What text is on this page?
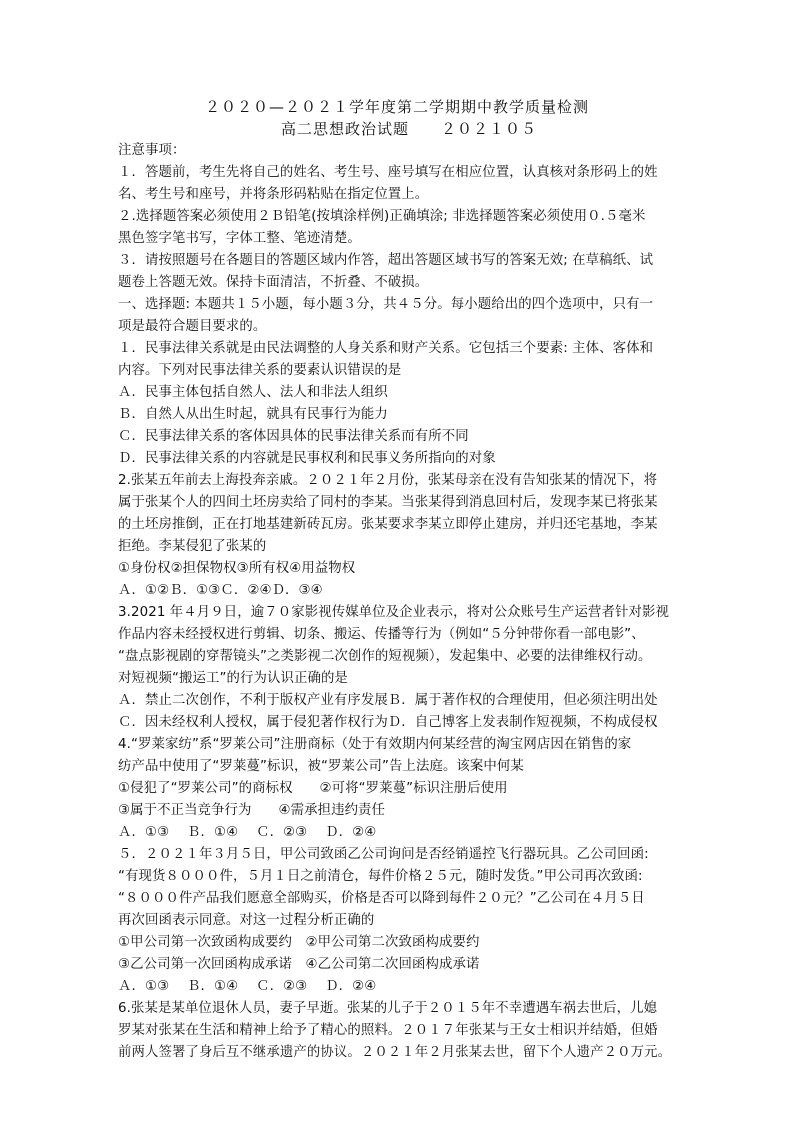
２０２０—２０２１学年度第二学期期中教学质量检测
高二思想政治试题　　２０２１０５
注意事项：
１．答题前，考生先将自己的姓名、考生号、座号填写在相应位置，认真核对条形码上的姓
名、考生号和座号，并将条形码粘贴在指定位置上。
２.选择题答案必须使用２Ｂ铅笔(按填涂样例)正确填涂; 非选择题答案必须使用０.５毫米
黑色签字笔书写，字体工整、笔迹清楚。
３．请按照题号在各题目的答题区域内作答，超出答题区域书写的答案无效; 在草稿纸、试
题卷上答题无效。保持卡面清洁，不折叠、不破损。
一、选择题: 本题共１５小题，每小题３分，共４５分。每小题给出的四个选项中，只有一
项是最符合题目要求的。
１．民事法律关系就是由民法调整的人身关系和财产关系。它包括三个要素: 主体、客体和
内容。下列对民事法律关系的要素认识错误的是
Ａ．民事主体包括自然人、法人和非法人组织
Ｂ．自然人从出生时起，就具有民事行为能力
Ｃ．民事法律关系的客体因具体的民事法律关系而有所不同
Ｄ．民事法律关系的内容就是民事权利和民事义务所指向的对象
2.张某五年前去上海投奔亲戚。２０２１年２月份，张某母亲在没有告知张某的情况下，将
属于张某个人的四间土坯房卖给了同村的李某。当张某得到消息回村后，发现李某已将张某
的土坯房推倒，正在打地基建新砖瓦房。张某要求李某立即停止建房，并归还宅基地，李某
拒绝。李某侵犯了张某的
①身份权②担保物权③所有权④用益物权
Ａ．①②Ｂ．①③Ｃ．②④Ｄ．③④
3.2021 年４月９日，逾７０家影视传媒单位及企业表示，将对公众账号生产运营者针对影视
作品内容未经授权进行剪辑、切条、搬运、传播等行为（例如“５分钟带你看一部电影”、
“盘点影视剧的穿帮镜头”之类影视二次创作的短视频），发起集中、必要的法律维权行动。
对短视频“搬运工”的行为认识正确的是
Ａ．禁止二次创作，不利于版权产业有序发展Ｂ．属于著作权的合理使用，但必须注明出处
Ｃ．因未经权利人授权，属于侵犯著作权行为Ｄ．自己博客上发表制作短视频，不构成侵权
4.“罗莱家纺”系“罗莱公司”注册商标（处于有效期内何某经营的淘宝网店因在销售的家
纺产品中使用了“罗莱蔓”标识，被“罗莱公司”告上法庭。该案中何某
①侵犯了“罗莱公司”的商标权　　②可将“罗莱蔓”标识注册后使用
③属于不正当竞争行为　　④需承担违约责任
Ａ．①③　 Ｂ．①④　 Ｃ．②③　 Ｄ．②④
５．２０２１年３月５日，甲公司致函乙公司询问是否经销遥控飞行器玩具。乙公司回函:
“有现货８０００件，５月１日之前清仓，每件价格２５元，随时发货。”甲公司再次致函:
“８０００件产品我们愿意全部购买，价格是否可以降到每件２０元？”乙公司在４月５日
再次回函表示同意。对这一过程分析正确的
①甲公司第一次致函构成要约　②甲公司第二次致函构成要约
③乙公司第一次回函构成承诺　④乙公司第二次回函构成承诺
Ａ．①③　 Ｂ．①④　 Ｃ．②③　 Ｄ．②④
6.张某是某单位退休人员，妻子早逝。张某的儿子于２０１５年不幸遭遇车祸去世后，儿媳
罗某对张某在生活和精神上给予了精心的照料。２０１７年张某与王女士相识并结婚，但婚
前两人签署了身后互不继承遗产的协议。２０２１年２月张某去世，留下个人遗产２０万元。
